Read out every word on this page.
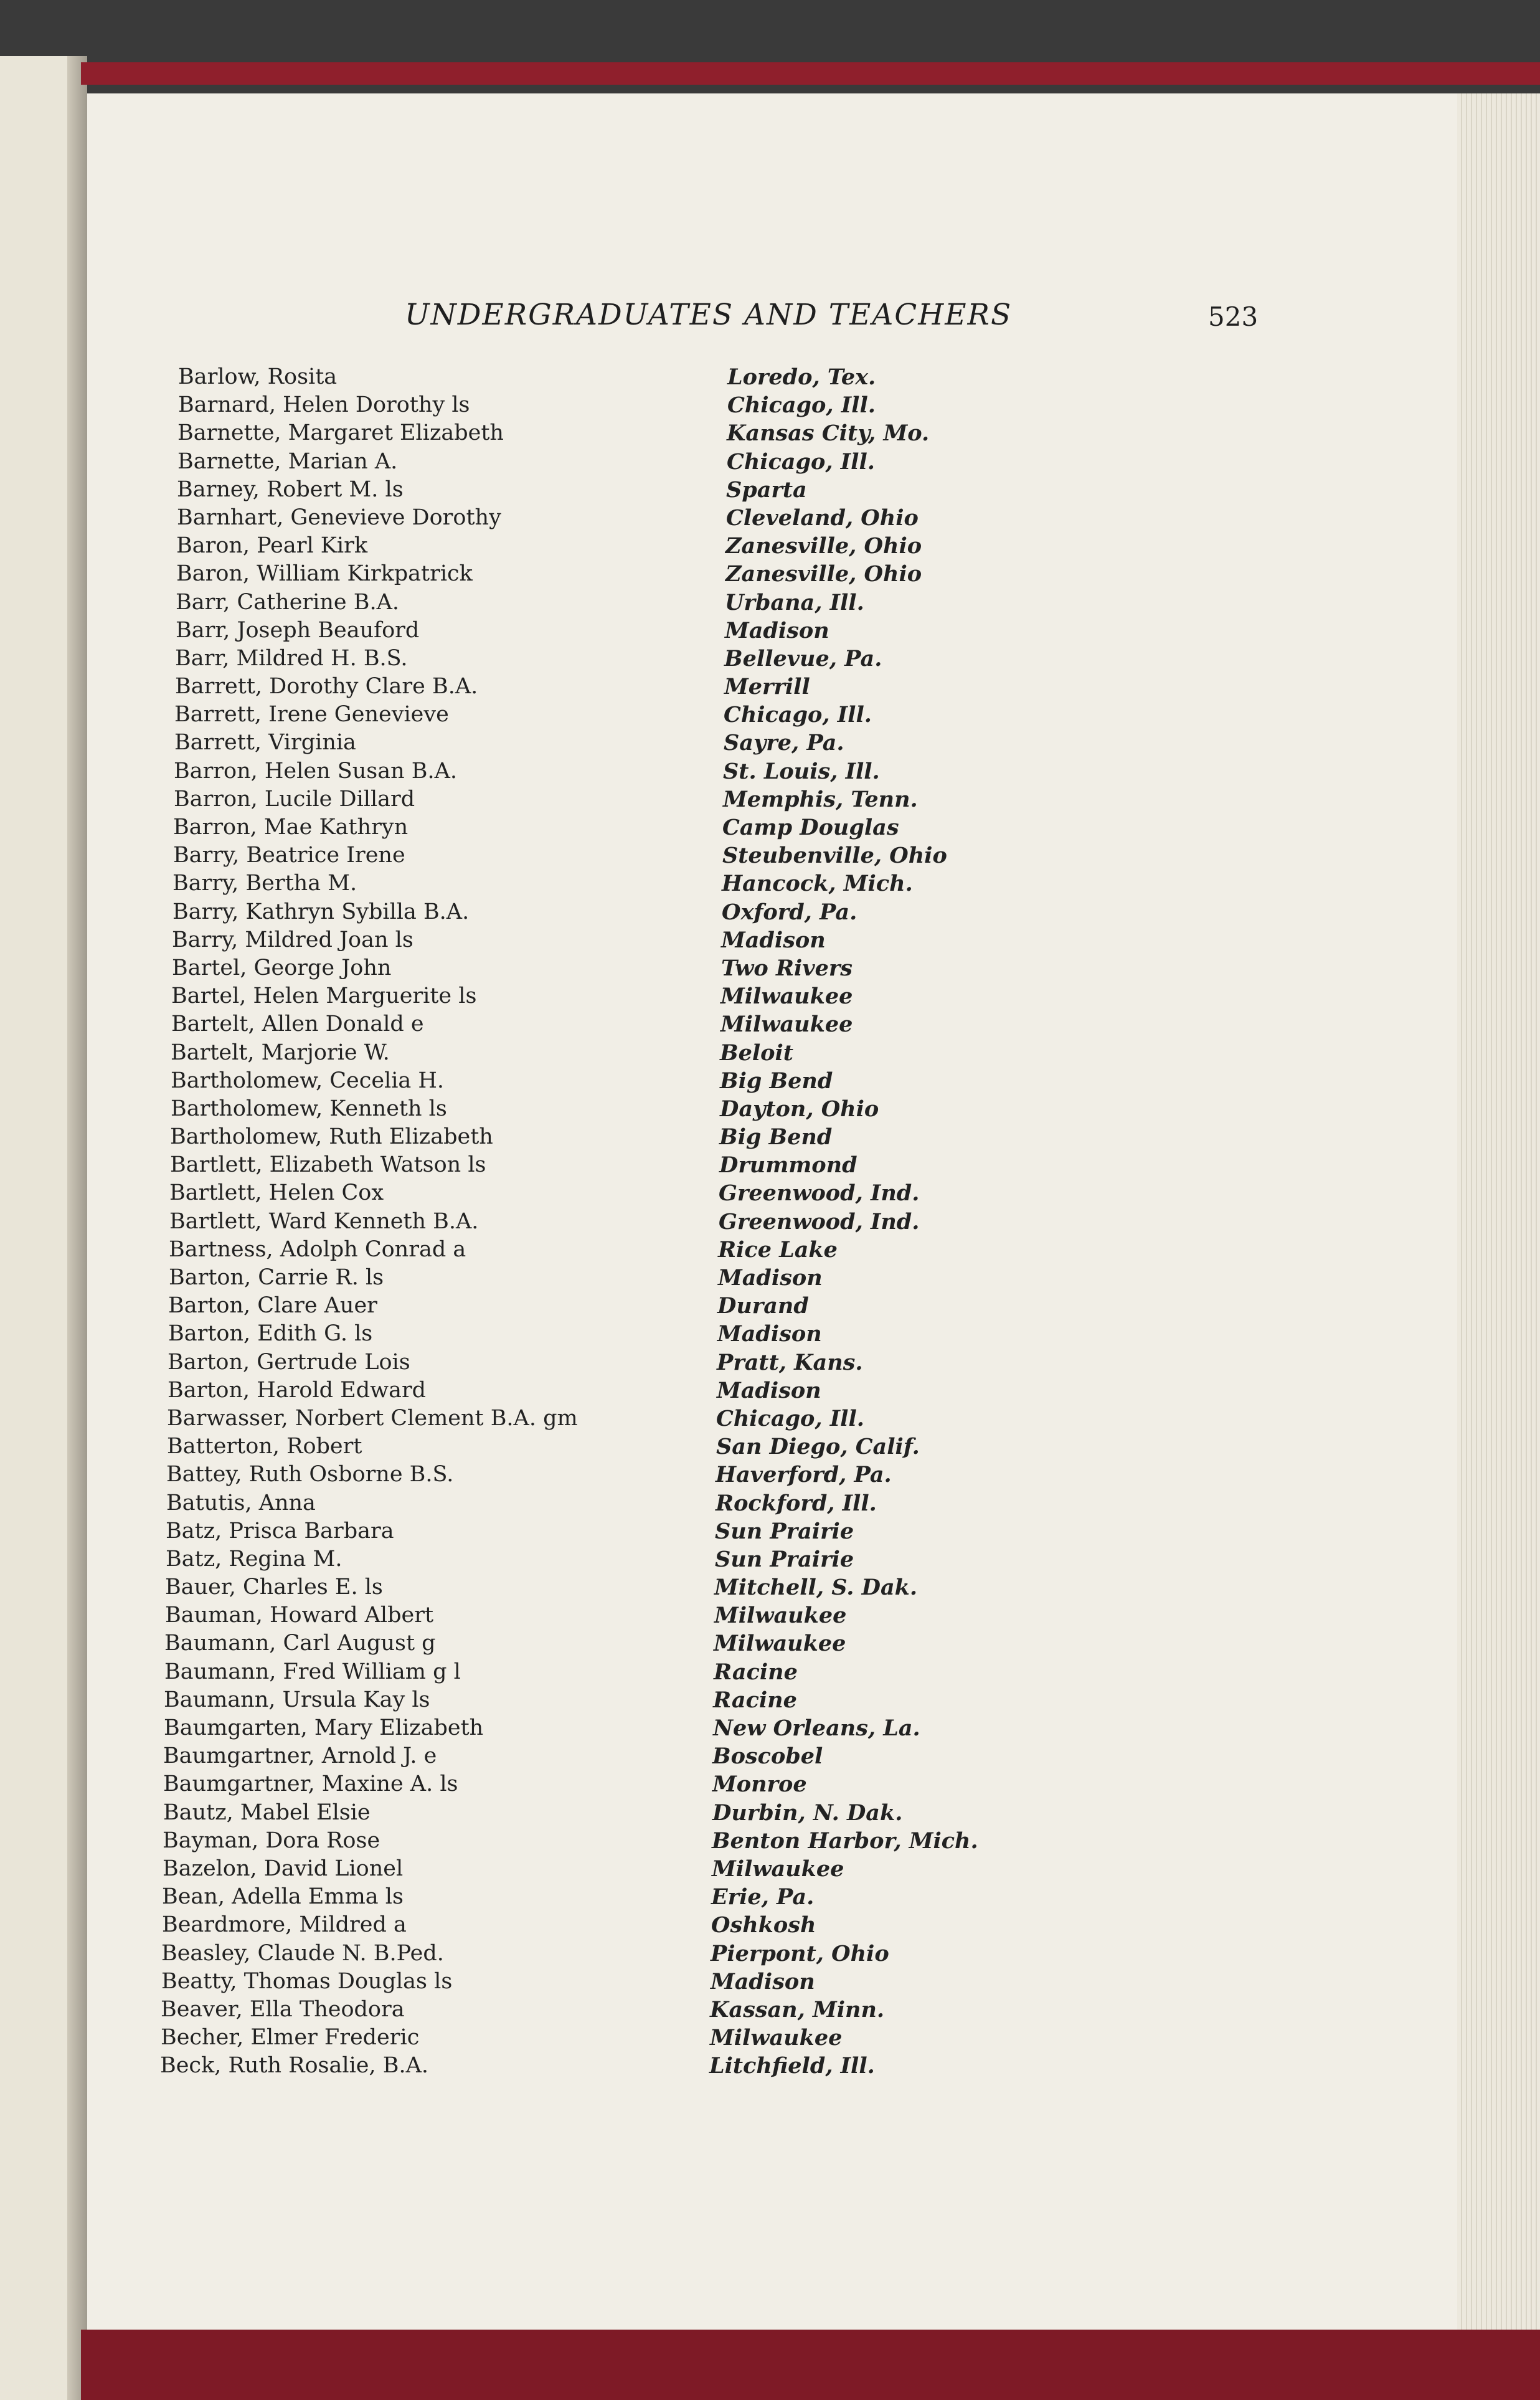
UNDERGRADUATES AND TEACHERS	523
Barlow, Rosita	Loredo, Tex.
Barnard, Helen Dorothy ls	Chicago, Ill.
Barnette, Margaret Elizabeth	Kansas City, Mo.
Barnette, Marian A.	Chicago, Ill.
Barney, Robert M. ls	Sparta
Barnhart, Genevieve Dorothy	Cleveland, Ohio
Baron, Pearl Kirk	Zanesville, Ohio
Baron, William Kirkpatrick	Zanesville, Ohio
Barr, Catherine B.A.	Urbana, Ill.
Barr, Joseph Beauford	Madison
Barr, Mildred H. B.S.	Bellevue, Pa.
Barrett, Dorothy Clare B.A.	Merrill
Barrett, Irene Genevieve	Chicago, Ill.
Barrett, Virginia	Sayre, Pa.
Barron, Helen Susan B.A.	St. Louis, Ill.
Barron, Lucile Dillard	Memphis, Tenn.
Barron, Mae Kathryn	Camp Douglas
Barry, Beatrice Irene	Steubenville, Ohio
Barry, Bertha M.	Hancock, Mich.
Barry, Kathryn Sybilla B.A.	Oxford, Pa.
Barry, Mildred Joan ls	Madison
Bartel, George John	Two Rivers
Bartel, Helen Marguerite ls	Milwaukee
Bartelt, Allen Donald e	Milwaukee
Bartelt, Marjorie W.	Beloit
Bartholomew, Cecelia H.	Big Bend
Bartholomew, Kenneth ls	Dayton, Ohio
Bartholomew, Ruth Elizabeth	Big Bend
Bartlett, Elizabeth Watson ls	Drummond
Bartlett, Helen Cox	Greenwood, Ind.
Bartlett, Ward Kenneth B.A.	Greenwood, Ind.
Bartness, Adolph Conrad a	Rice Lake
Barton, Carrie R. ls	Madison
Barton, Clare Auer	Durand
Barton, Edith G. ls	Madison
Barton, Gertrude Lois	Pratt, Kans.
Barton, Harold Edward	Madison
Barwasser, Norbert Clement B.A. gm	Chicago, Ill.
Batterton, Robert	San Diego, Calif.
Battey, Ruth Osborne B.S.	Haverford, Pa.
Batutis, Anna	Rockford, Ill.
Batz, Prisca Barbara	Sun Prairie
Batz, Regina M.	Sun Prairie
Bauer, Charles E. ls	Mitchell, S. Dak.
Bauman, Howard Albert	Milwaukee
Baumann, Carl August g	Milwaukee
Baumann, Fred William g l	Racine
Baumann, Ursula Kay ls	Racine
Baumgarten, Mary Elizabeth	New Orleans, La.
Baumgartner, Arnold J. e	Boscobel
Baumgartner, Maxine A. ls	Monroe
Bautz, Mabel Elsie	Durbin, N. Dak.
Bayman, Dora Rose	Benton Harbor, Mich.
Bazelon, David Lionel	Milwaukee
Bean, Adella Emma ls	Erie, Pa.
Beardmore, Mildred a	Oshkosh
Beasley, Claude N. B.Ped.	Pierpont, Ohio
Beatty, Thomas Douglas ls	Madison
Beaver, Ella Theodora	Kassan, Minn.
Becher, Elmer Frederic	Milwaukee
Beck, Ruth Rosalie, B.A.	Litchfield, Ill.
